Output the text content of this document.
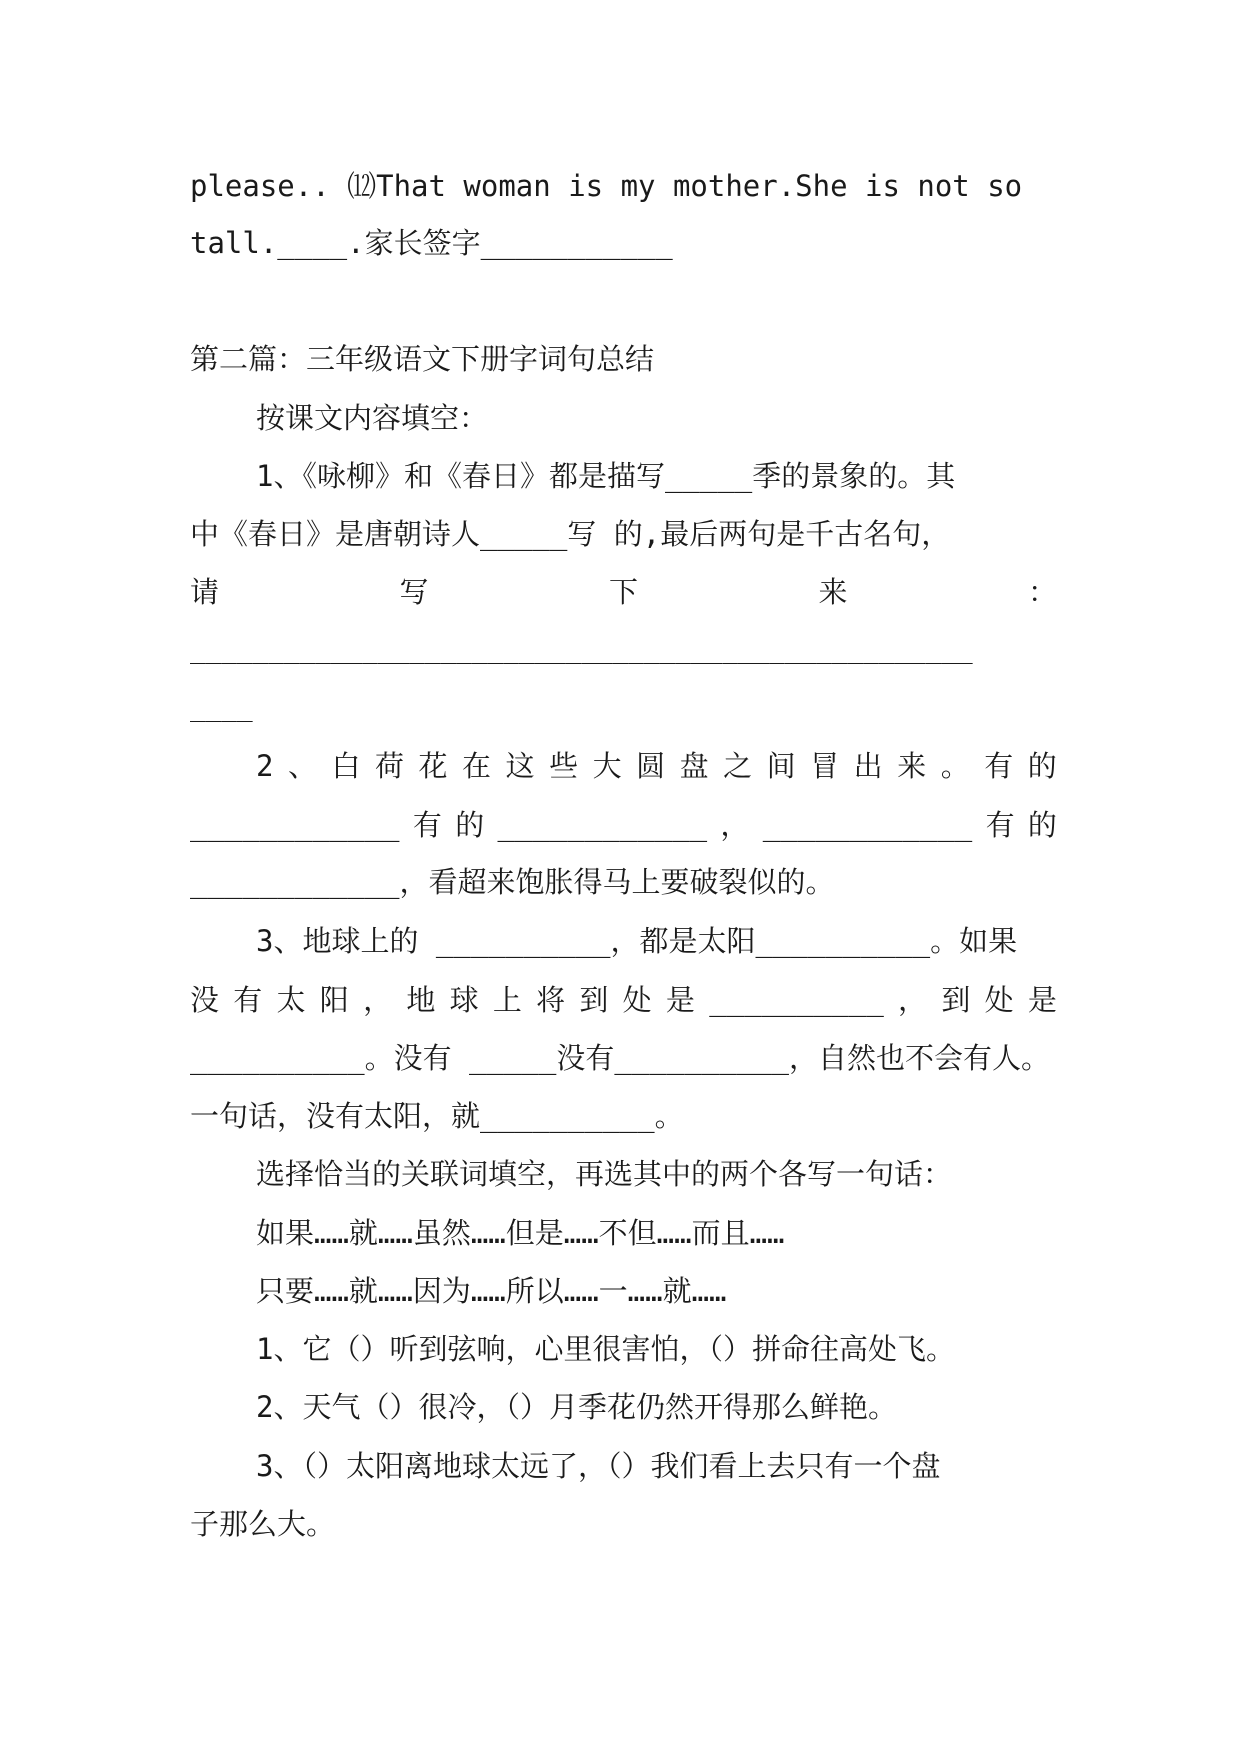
please.. ⑿That woman is my mother.She is not so
tall.____.家长签字___________
第二篇：三年级语文下册字词句总结
按课文内容填空：
1、《咏柳》和《春日》都是描写_____季的景象的。其
中《春日》是唐朝诗人_____写 的,最后两句是千古名句，
请	写	下	来	：
__________________________________________________
____
2 、 白 荷 花 在 这 些 大 圆 盘 之 间 冒 出 来 。 有 的
____________ 有 的 ____________ ， ____________ 有 的
____________，看超来饱胀得马上要破裂似的。
3、地球上的 __________，都是太阳__________。如果
没 有 太 阳 ， 地 球 上 将 到 处 是 __________ ， 到 处 是
__________。没有 _____没有__________，自然也不会有人。
一句话，没有太阳，就__________。
选择恰当的关联词填空，再选其中的两个各写一句话：
如果……就……虽然……但是……不但……而且……
只要……就……因为……所以……一……就……
1、它（）听到弦响，心里很害怕，（）拼命往高处飞。
2、天气（）很冷，（）月季花仍然开得那么鲜艳。
3、（）太阳离地球太远了，（）我们看上去只有一个盘
子那么大。
